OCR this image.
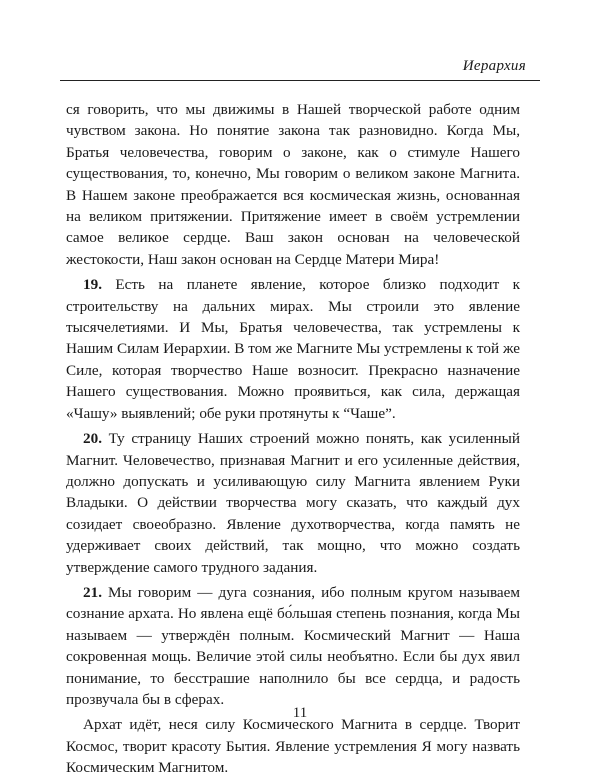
Иерархия

ся говорить, что мы движимы в Нашей творческой работе одним чувством закона. Но понятие закона так разновидно. Когда Мы, Братья человечества, говорим о законе, как о стимуле Нашего существования, то, конечно, Мы говорим о великом законе Магнита. В Нашем законе преображается вся космическая жизнь, основанная на великом притяжении. Притяжение имеет в своём устремлении самое великое сердце. Ваш закон основан на человеческой жестокости, Наш закон основан на Сердце Матери Мира!

19. Есть на планете явление, которое близко подходит к строительству на дальних мирах. Мы строили это явление тысячелетиями. И Мы, Братья человечества, так устремлены к Нашим Силам Иерархии. В том же Магните Мы устремлены к той же Силе, которая творчество Наше возносит. Прекрасно назначение Нашего существования. Можно проявиться, как сила, держащая «Чашу» выявлений; обе руки протянуты к “Чаше”.

20. Ту страницу Наших строений можно понять, как усиленный Магнит. Человечество, признавая Магнит и его усиленные действия, должно допускать и усиливающую силу Магнита явлением Руки Владыки. О действии творчества могу сказать, что каждый дух созидает своеобразно. Явление духотворчества, когда память не удерживает своих действий, так мощно, что можно создать утверждение самого трудного задания.

21. Мы говорим — дуга сознания, ибо полным кругом называем сознание архата. Но явлена ещё бо́льшая степень познания, когда Мы называем — утверждён полным. Космический Магнит — Наша сокровенная мощь. Величие этой силы необъятно. Если бы дух явил понимание, то бесстрашие наполнило бы все сердца, и радость прозвучала бы в сферах.

Архат идёт, неся силу Космического Магнита в сердце. Творит Космос, творит красоту Бытия. Явление устремления Я могу назвать Космическим Магнитом.

11
